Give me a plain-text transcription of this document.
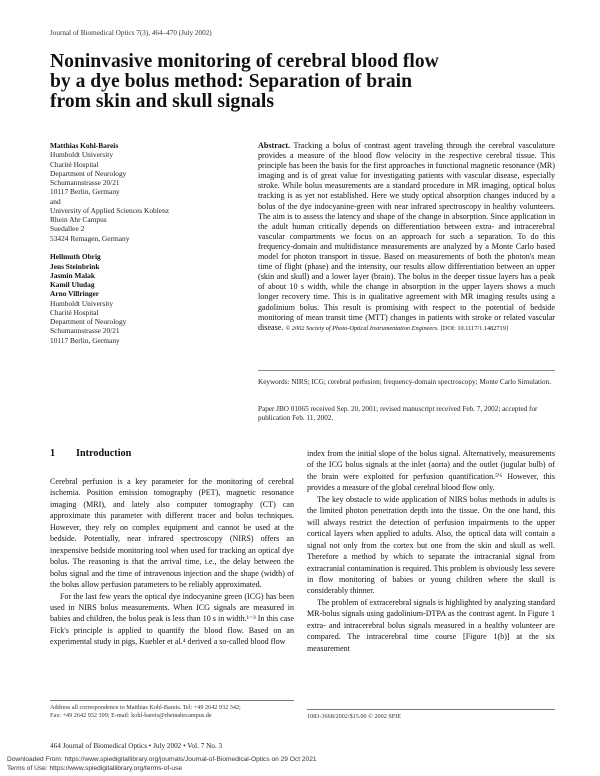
Journal of Biomedical Optics 7(3), 464–470 (July 2002)
Noninvasive monitoring of cerebral blood flow
by a dye bolus method: Separation of brain
from skin and skull signals
Matthias Kohl-Bareis
Humboldt University
Charité Hospital
Department of Neurology
Schumannstrasse 20/21
10117 Berlin, Germany
and
University of Applied Sciences Koblenz
Rhein Ahr Campus
Suedallee 2
53424 Remagen, Germany
Hellmuth Obrig
Jens Steinbrink
Jasmin Malak
Kamil Uludag
Arno Villringer
Humboldt University
Charité Hospital
Department of Neurology
Schumannstrasse 20/21
10117 Berlin, Germany
Abstract. Tracking a bolus of contrast agent traveling through the cerebral vasculature provides a measure of the blood flow velocity in the respective cerebral tissue. This principle has been the basis for the first approaches in functional magnetic resonance (MR) imaging and is of great value for investigating patients with vascular disease, especially stroke. While bolus measurements are a standard procedure in MR imaging, optical bolus tracking is as yet not established. Here we study optical absorption changes induced by a bolus of the dye indocyanine-green with near infrared spectroscopy in healthy volunteers. The aim is to assess the latency and shape of the change in absorption. Since application in the adult human critically depends on differentiation between extra- and intracerebral vascular compartments we focus on an approach for such a separation. To do this frequency-domain and multidistance measurements are analyzed by a Monte Carlo based model for photon transport in tissue. Based on measurements of both the photon's mean time of flight (phase) and the intensity, our results allow differentiation between an upper (skin and skull) and a lower layer (brain). The bolus in the deeper tissue layers has a peak of about 10 s width, while the change in absorption in the upper layers shows a much longer recovery time. This is in qualitative agreement with MR imaging results using a gadolinium bolus. This result is promising with respect to the potential of bedside monitoring of mean transit time (MTT) changes in patients with stroke or related vascular disease. © 2002 Society of Photo-Optical Instrumentation Engineers. [DOI: 10.1117/1.1482719]
Keywords: NIRS; ICG; cerebral perfusion; frequency-domain spectroscopy; Monte Carlo Simulation.
Paper JBO 01065 received Sep. 20, 2001; revised manuscript received Feb. 7, 2002; accepted for publication Feb. 11, 2002.
1 Introduction

Cerebral perfusion is a key parameter for the monitoring of cerebral ischemia. Position emission tomography (PET), magnetic resonance imaging (MRI), and lately also computer tomography (CT) can approximate this parameter with different tracer and bolus techniques. However, they rely on complex equipment and cannot be used at the bedside. Potentially, near infrared spectroscopy (NIRS) offers an inexpensive bedside monitoring tool when used for tracking an optical dye bolus. The reasoning is that the arrival time, i.e., the delay between the bolus signal and the time of intravenous injection and the shape (width) of the bolus allow perfusion parameters to be reliably approximated.

For the last few years the optical dye indocyanine green (ICG) has been used in NIRS bolus measurements. When ICG signals are measured in babies and children, the bolus peak is less than 10 s in width.¹⁻³ In this case Fick's principle is applied to quantify the blood flow. Based on an experimental study in pigs, Kuebler et al.⁴ derived a so-called blood flow

index from the initial slope of the bolus signal. Alternatively, measurements of the ICG bolus signals at the inlet (aorta) and the outlet (jugular bulb) of the brain were exploited for perfusion quantification.⁵'⁶ However, this provides a measure of the global cerebral blood flow only.

The key obstacle to wide application of NIRS bolus methods in adults is the limited photon penetration depth into the tissue. On the one hand, this will always restrict the detection of perfusion impairments to the upper cortical layers when applied to adults. Also, the optical data will contain a signal not only from the cortex but one from the skin and skull as well. Therefore a method by which to separate the intracranial signal from extracranial contamination is required. This problem is obviously less severe in flow monitoring of babies or young children where the skull is considerably thinner.

The problem of extracerebral signals is highlighted by analyzing standard MR-bolus signals using gadolinium-DTPA as the contrast agent. In Figure 1 extra- and intracerebral bolus signals measured in a healthy volunteer are compared. The intracerebral time course [Figure 1(b)] at the six measurement

Address all correspondence to Matthias Kohl-Bareis. Tel: +49 2642 932 342;
Fax: +49 2642 932 399; E-mail: kohl-bareis@rheinahrcampus.de	1083-3668/2002/$15.00 © 2002 SPIE
464 Journal of Biomedical Optics • July 2002 • Vol. 7 No. 3
Downloaded From: https://www.spiedigitallibrary.org/journals/Journal-of-Biomedical-Optics on 29 Oct 2021
Terms of Use: https://www.spiedigitallibrary.org/terms-of-use
